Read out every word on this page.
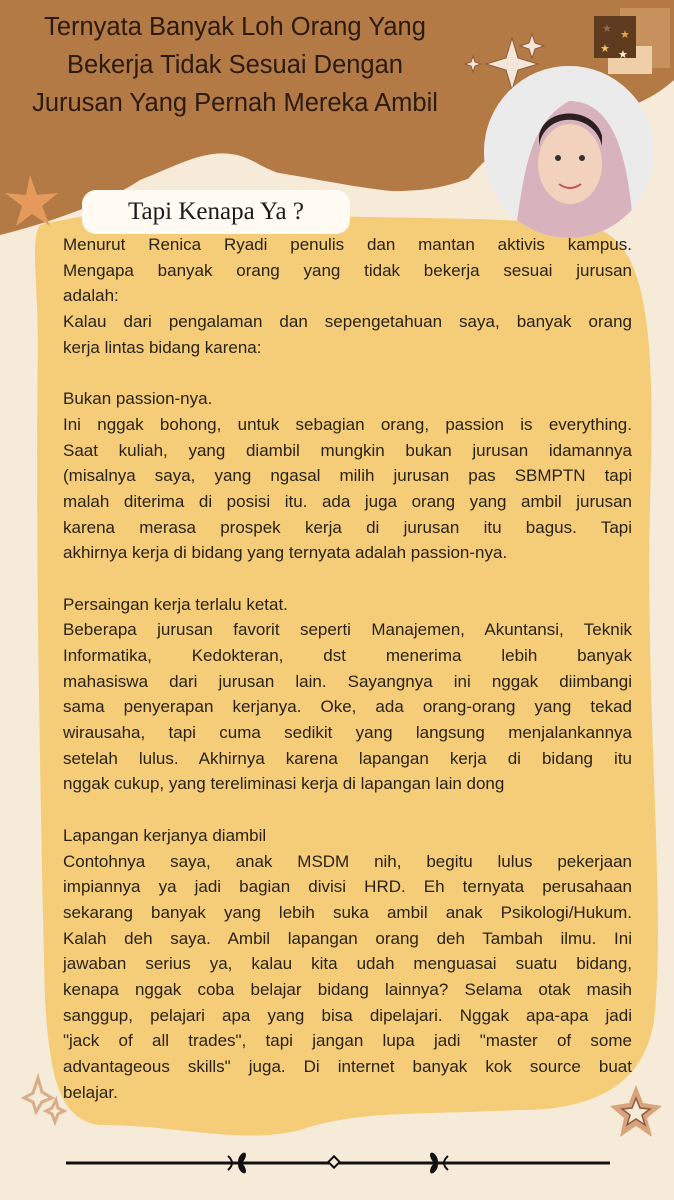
★ ★
★ ★
Ternyata Banyak Loh Orang Yang
Bekerja Tidak Sesuai Dengan
Jurusan Yang Pernah Mereka Ambil
Tapi Kenapa Ya ?
Menurut Renica Ryadi penulis dan mantan aktivis kampus.
Mengapa banyak orang yang tidak bekerja sesuai jurusan
adalah:
Kalau dari pengalaman dan sepengetahuan saya, banyak orang
kerja lintas bidang karena:
Bukan passion-nya.
Ini nggak bohong, untuk sebagian orang, passion is everything.
Saat kuliah, yang diambil mungkin bukan jurusan idamannya
(misalnya saya, yang ngasal milih jurusan pas SBMPTN tapi
malah diterima di posisi itu. ada juga orang yang ambil jurusan
karena merasa prospek kerja di jurusan itu bagus. Tapi
akhirnya kerja di bidang yang ternyata adalah passion-nya.
Persaingan kerja terlalu ketat.
Beberapa jurusan favorit seperti Manajemen, Akuntansi, Teknik
Informatika, Kedokteran, dst menerima lebih banyak
mahasiswa dari jurusan lain. Sayangnya ini nggak diimbangi
sama penyerapan kerjanya. Oke, ada orang-orang yang tekad
wirausaha, tapi cuma sedikit yang langsung menjalankannya
setelah lulus. Akhirnya karena lapangan kerja di bidang itu
nggak cukup, yang tereliminasi kerja di lapangan lain dong
Lapangan kerjanya diambil
Contohnya saya, anak MSDM nih, begitu lulus pekerjaan
impiannya ya jadi bagian divisi HRD. Eh ternyata perusahaan
sekarang banyak yang lebih suka ambil anak Psikologi/Hukum.
Kalah deh saya. Ambil lapangan orang deh Tambah ilmu. Ini
jawaban serius ya, kalau kita udah menguasai suatu bidang,
kenapa nggak coba belajar bidang lainnya? Selama otak masih
sanggup, pelajari apa yang bisa dipelajari. Nggak apa-apa jadi
"jack of all trades", tapi jangan lupa jadi "master of some
advantageous skills" juga. Di internet banyak kok source buat
belajar.
